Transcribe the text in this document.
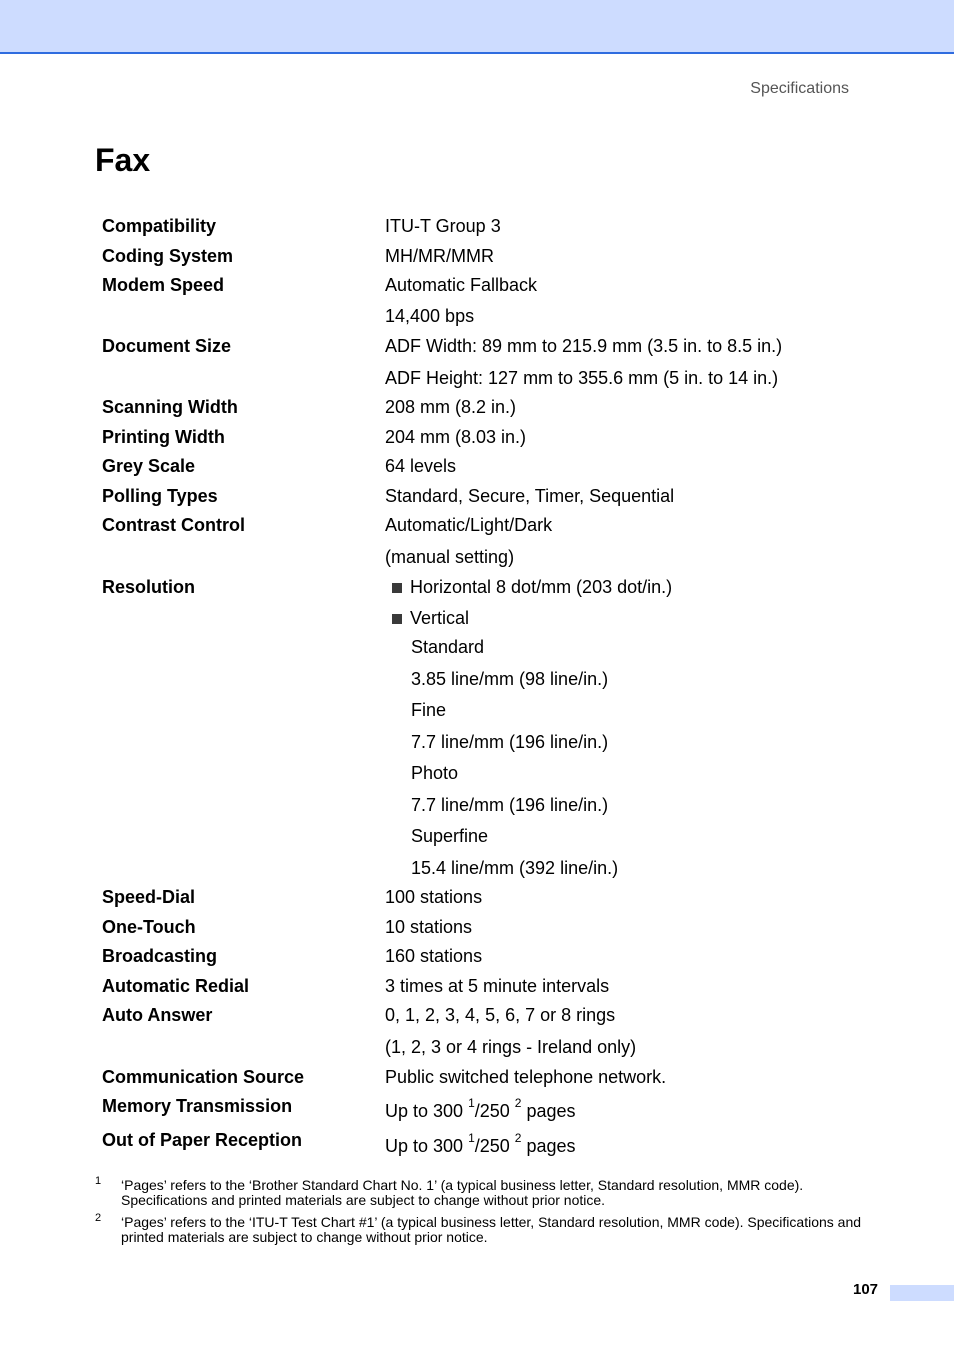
Specifications
Fax
Compatibility	ITU-T Group 3
Coding System	MH/MR/MMR
Modem Speed	Automatic Fallback
14,400 bps
Document Size	ADF Width: 89 mm to 215.9 mm (3.5 in. to 8.5 in.)
ADF Height: 127 mm to 355.6 mm (5 in. to 14 in.)
Scanning Width	208 mm (8.2 in.)
Printing Width	204 mm (8.03 in.)
Grey Scale	64 levels
Polling Types	Standard, Secure, Timer, Sequential
Contrast Control	Automatic/Light/Dark
(manual setting)
Resolution	Horizontal 8 dot/mm (203 dot/in.)
Vertical
Standard
3.85 line/mm (98 line/in.)
Fine
7.7 line/mm (196 line/in.)
Photo
7.7 line/mm (196 line/in.)
Superfine
15.4 line/mm (392 line/in.)
Speed-Dial	100 stations
One-Touch	10 stations
Broadcasting	160 stations
Automatic Redial	3 times at 5 minute intervals
Auto Answer	0, 1, 2, 3, 4, 5, 6, 7 or 8 rings
(1, 2, 3 or 4 rings - Ireland only)
Communication Source	Public switched telephone network.
Memory Transmission	Up to 300 $^1$/250 $^2$ pages
Out of Paper Reception	Up to 300 $^1$/250 $^2$ pages
1 ‘Pages’ refers to the ‘Brother Standard Chart No. 1’ (a typical business letter, Standard resolution, MMR code). Specifications and printed materials are subject to change without prior notice.
2 ‘Pages’ refers to the ‘ITU-T Test Chart #1’ (a typical business letter, Standard resolution, MMR code). Specifications and printed materials are subject to change without prior notice.
107
